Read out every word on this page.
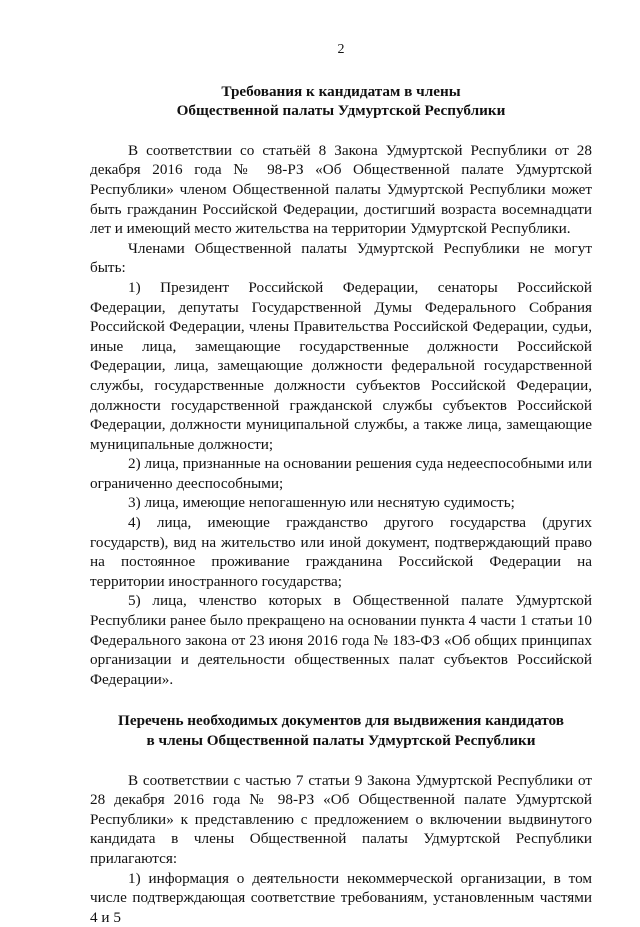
2

Требования к кандидатам в члены

Общественной палаты Удмуртской Республики

В соответствии со статьёй 8 Закона Удмуртской Республики от 28 декабря 2016 года № 98-РЗ «Об Общественной палате Удмуртской Республики» членом Общественной палаты Удмуртской Республики может быть гражданин Российской Федерации, достигший возраста восемнадцати лет и имеющий место жительства на территории Удмуртской Республики.

Членами Общественной палаты Удмуртской Республики не могут быть:

1) Президент Российской Федерации, сенаторы Российской Федерации, депутаты Государственной Думы Федерального Собрания Российской Федерации, члены Правительства Российской Федерации, судьи, иные лица, замещающие государственные должности Российской Федерации, лица, замещающие должности федеральной государственной службы, государственные должности субъектов Российской Федерации, должности государственной гражданской службы субъектов Российской Федерации, должности муниципальной службы, а также лица, замещающие муниципальные должности;

2) лица, признанные на основании решения суда недееспособными или ограниченно дееспособными;

3) лица, имеющие непогашенную или неснятую судимость;

4) лица, имеющие гражданство другого государства (других государств), вид на жительство или иной документ, подтверждающий право на постоянное проживание гражданина Российской Федерации на территории иностранного государства;

5) лица, членство которых в Общественной палате Удмуртской Республики ранее было прекращено на основании пункта 4 части 1 статьи 10 Федерального закона от 23 июня 2016 года № 183-ФЗ «Об общих принципах организации и деятельности общественных палат субъектов Российской Федерации».

Перечень необходимых документов для выдвижения кандидатов

в члены Общественной палаты Удмуртской Республики

В соответствии с частью 7 статьи 9 Закона Удмуртской Республики от 28 декабря 2016 года № 98-РЗ «Об Общественной палате Удмуртской Республики» к представлению с предложением о включении выдвинутого кандидата в члены Общественной палаты Удмуртской Республики прилагаются:

1) информация о деятельности некоммерческой организации, в том числе подтверждающая соответствие требованиям, установленным частями 4 и 5
